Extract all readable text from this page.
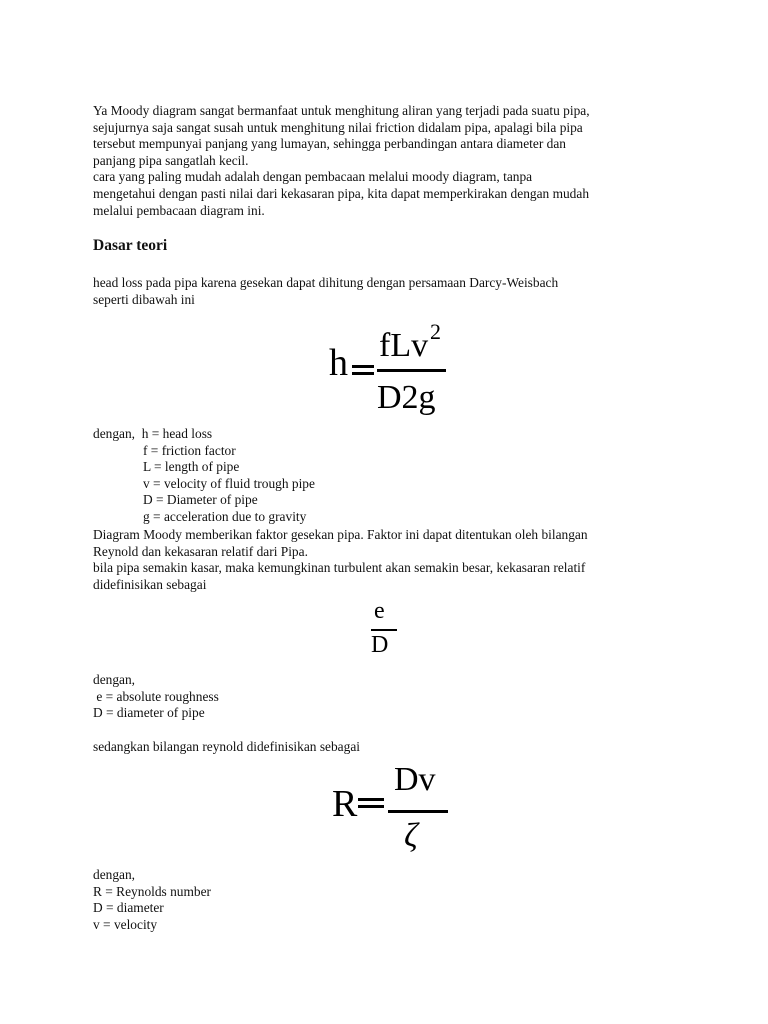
Ya Moody diagram sangat bermanfaat untuk menghitung aliran yang terjadi pada suatu pipa,

sejujurnya saja sangat susah untuk menghitung nilai friction didalam pipa, apalagi bila pipa

tersebut mempunyai panjang yang lumayan, sehingga perbandingan antara diameter dan

panjang pipa sangatlah kecil.

cara yang paling mudah adalah dengan pembacaan melalui moody diagram, tanpa

mengetahui dengan pasti nilai dari kekasaran pipa, kita dapat memperkirakan dengan mudah

melalui pembacaan diagram ini.

Dasar teori

head loss pada pipa karena gesekan dapat dihitung dengan persamaan Darcy-Weisbach

seperti dibawah ini

h fLv 2
D2g
dengan,  h = head loss
f = friction factor
L = length of pipe
v = velocity of fluid trough pipe
D = Diameter of pipe
g = acceleration due to gravity

Diagram Moody memberikan faktor gesekan pipa. Faktor ini dapat ditentukan oleh bilangan

Reynold dan kekasaran relatif dari Pipa.

bila pipa semakin kasar, maka kemungkinan turbulent akan semakin besar, kekasaran relatif

didefinisikan sebagai

e
D
dengan,
e = absolute roughness
D = diameter of pipe

sedangkan bilangan reynold didefinisikan sebagai

R
Dv
ζ
dengan,
R = Reynolds number
D = diameter
v = velocity
